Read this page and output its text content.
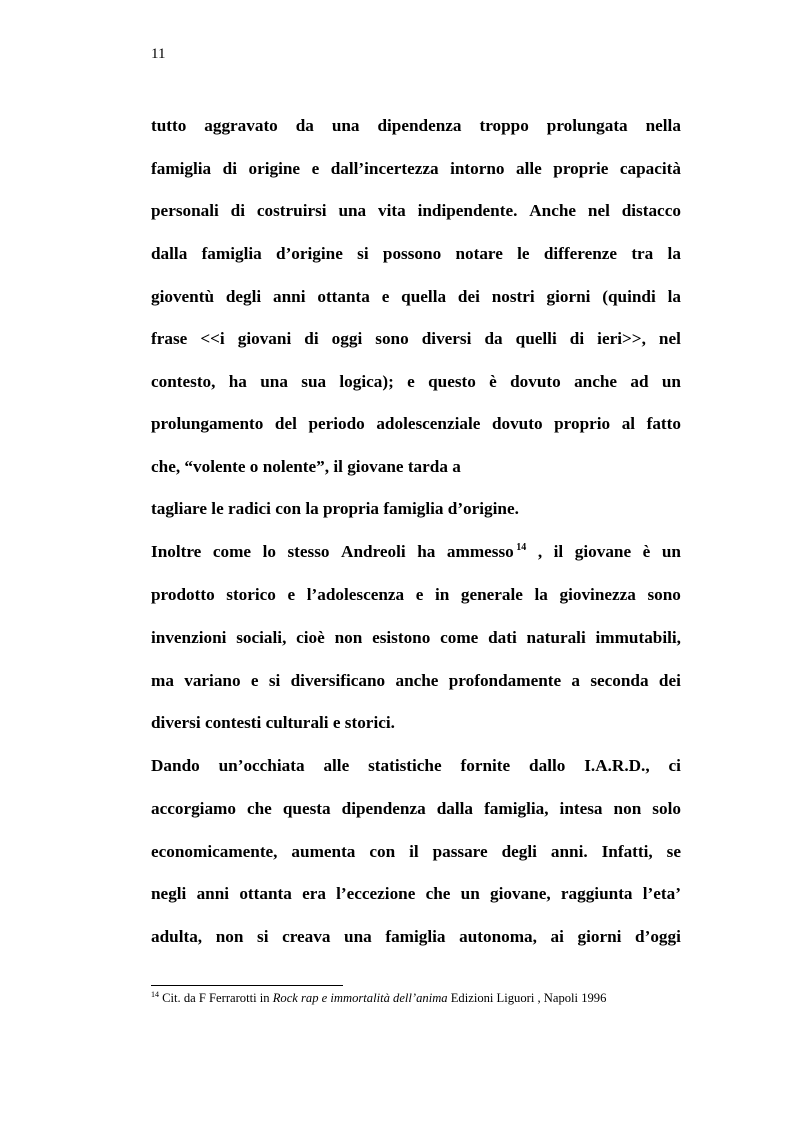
11
tutto aggravato da una dipendenza troppo prolungata nella
famiglia di origine e dall’incertezza intorno alle proprie capacità
personali di costruirsi una vita indipendente. Anche nel distacco
dalla famiglia d’origine si possono notare le differenze tra la
gioventù degli anni ottanta e quella dei nostri giorni (quindi la
frase <<i giovani di oggi sono diversi da quelli di ieri>>, nel
contesto, ha una sua logica); e questo è dovuto anche ad un
prolungamento del periodo adolescenziale dovuto proprio al fatto
che, “volente o nolente”, il giovane tarda a
tagliare le radici con la propria famiglia d’origine.
Inoltre come lo stesso Andreoli ha ammesso $^{14}$ , il giovane è un
prodotto storico e l’adolescenza e in generale la giovinezza sono
invenzioni sociali, cioè non esistono come dati naturali immutabili,
ma variano e si diversificano anche profondamente a seconda dei
diversi contesti culturali e storici.
Dando un’occhiata alle statistiche fornite dallo I.A.R.D., ci
accorgiamo che questa dipendenza dalla famiglia, intesa non solo
economicamente, aumenta con il passare degli anni. Infatti, se
negli anni ottanta era l’eccezione che un giovane, raggiunta l’eta’
adulta, non si creava una famiglia autonoma, ai giorni d’oggi
$^{14}$ Cit. da F Ferrarotti in Rock rap e immortalità dell’anima Edizioni Liguori , Napoli 1996
